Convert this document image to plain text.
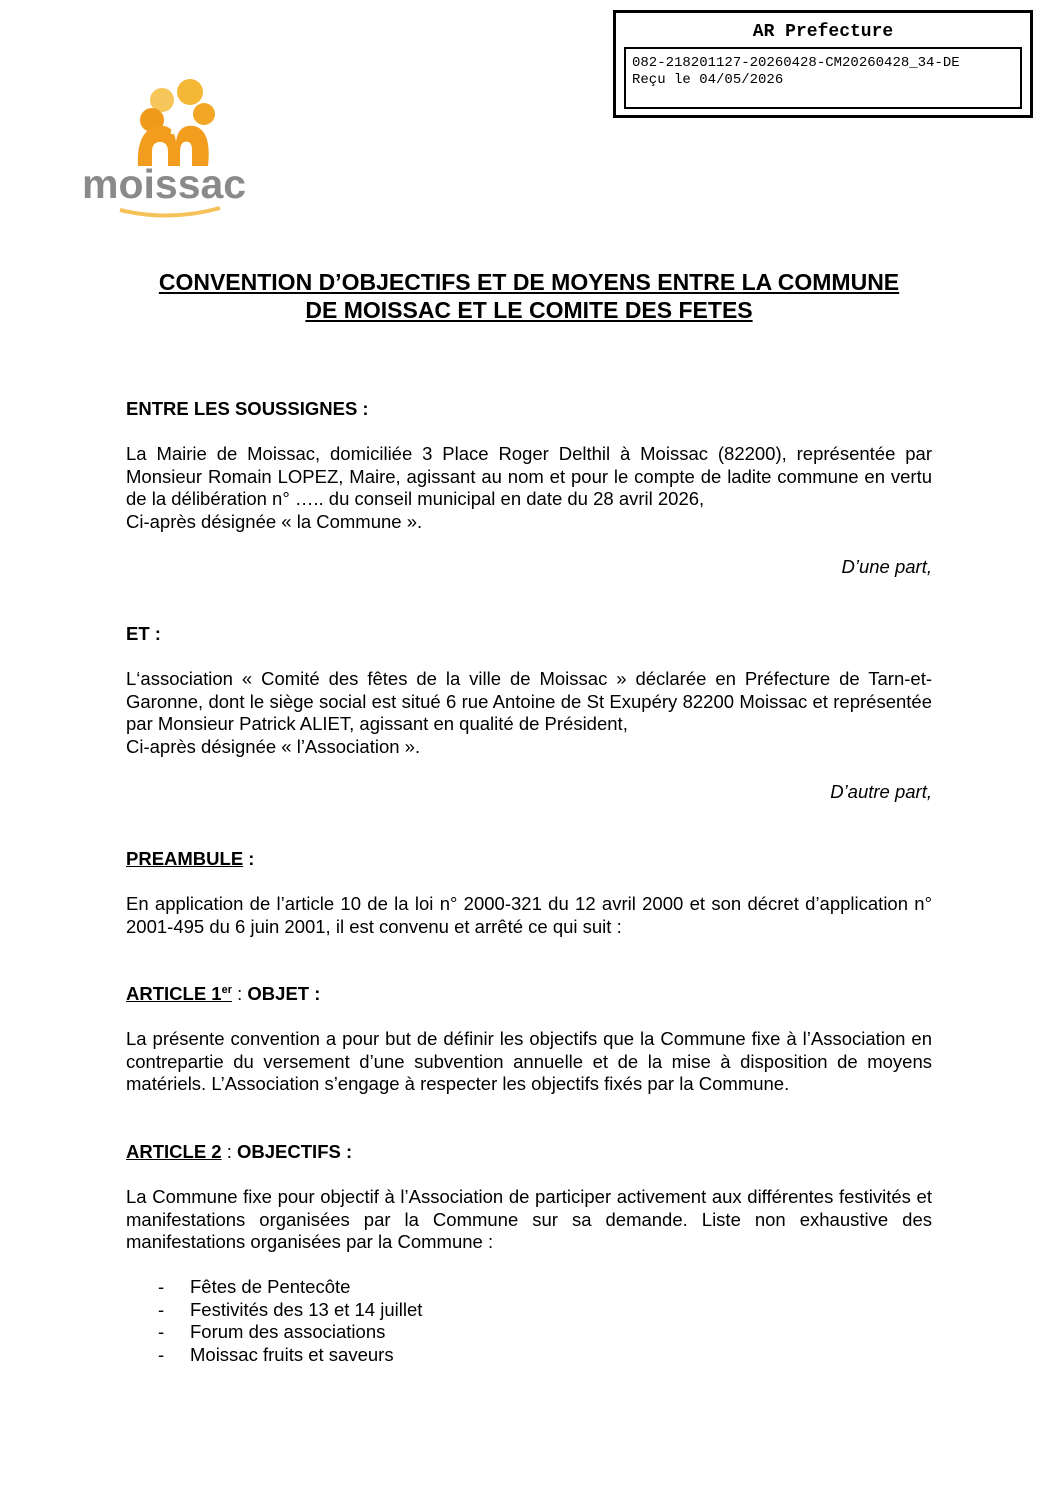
AR Prefecture
082-218201127-20260428-CM20260428_34-DE
Reçu le 04/05/2026
moissac
CONVENTION D’OBJECTIFS ET DE MOYENS ENTRE LA COMMUNE
DE MOISSAC ET LE COMITE DES FETES
ENTRE LES SOUSSIGNES :
La Mairie de Moissac, domiciliée 3 Place Roger Delthil à Moissac (82200), représentée par Monsieur Romain LOPEZ, Maire, agissant au nom et pour le compte de ladite commune en vertu de la délibération n° ….. du conseil municipal en date du 28 avril 2026,
Ci-après désignée « la Commune ».
D’une part,
ET :
L‘association « Comité des fêtes de la ville de Moissac » déclarée en Préfecture de Tarn-et-Garonne, dont le siège social est situé 6 rue Antoine de St Exupéry 82200 Moissac et représentée par Monsieur Patrick ALIET, agissant en qualité de Président,
Ci-après désignée « l’Association ».
D’autre part,
PREAMBULE :
En application de l’article 10 de la loi n° 2000-321 du 12 avril 2000 et son décret d’application n° 2001-495 du 6 juin 2001, il est convenu et arrêté ce qui suit :
ARTICLE 1er : OBJET :
La présente convention a pour but de définir les objectifs que la Commune fixe à l’Association en contrepartie du versement d’une subvention annuelle et de la mise à disposition de moyens matériels. L’Association s’engage à respecter les objectifs fixés par la Commune.
ARTICLE 2 : OBJECTIFS :
La Commune fixe pour objectif à l’Association de participer activement aux différentes festivités et manifestations organisées par la Commune sur sa demande. Liste non exhaustive des manifestations organisées par la Commune :
- Fêtes de Pentecôte
- Festivités des 13 et 14 juillet
- Forum des associations
- Moissac fruits et saveurs
